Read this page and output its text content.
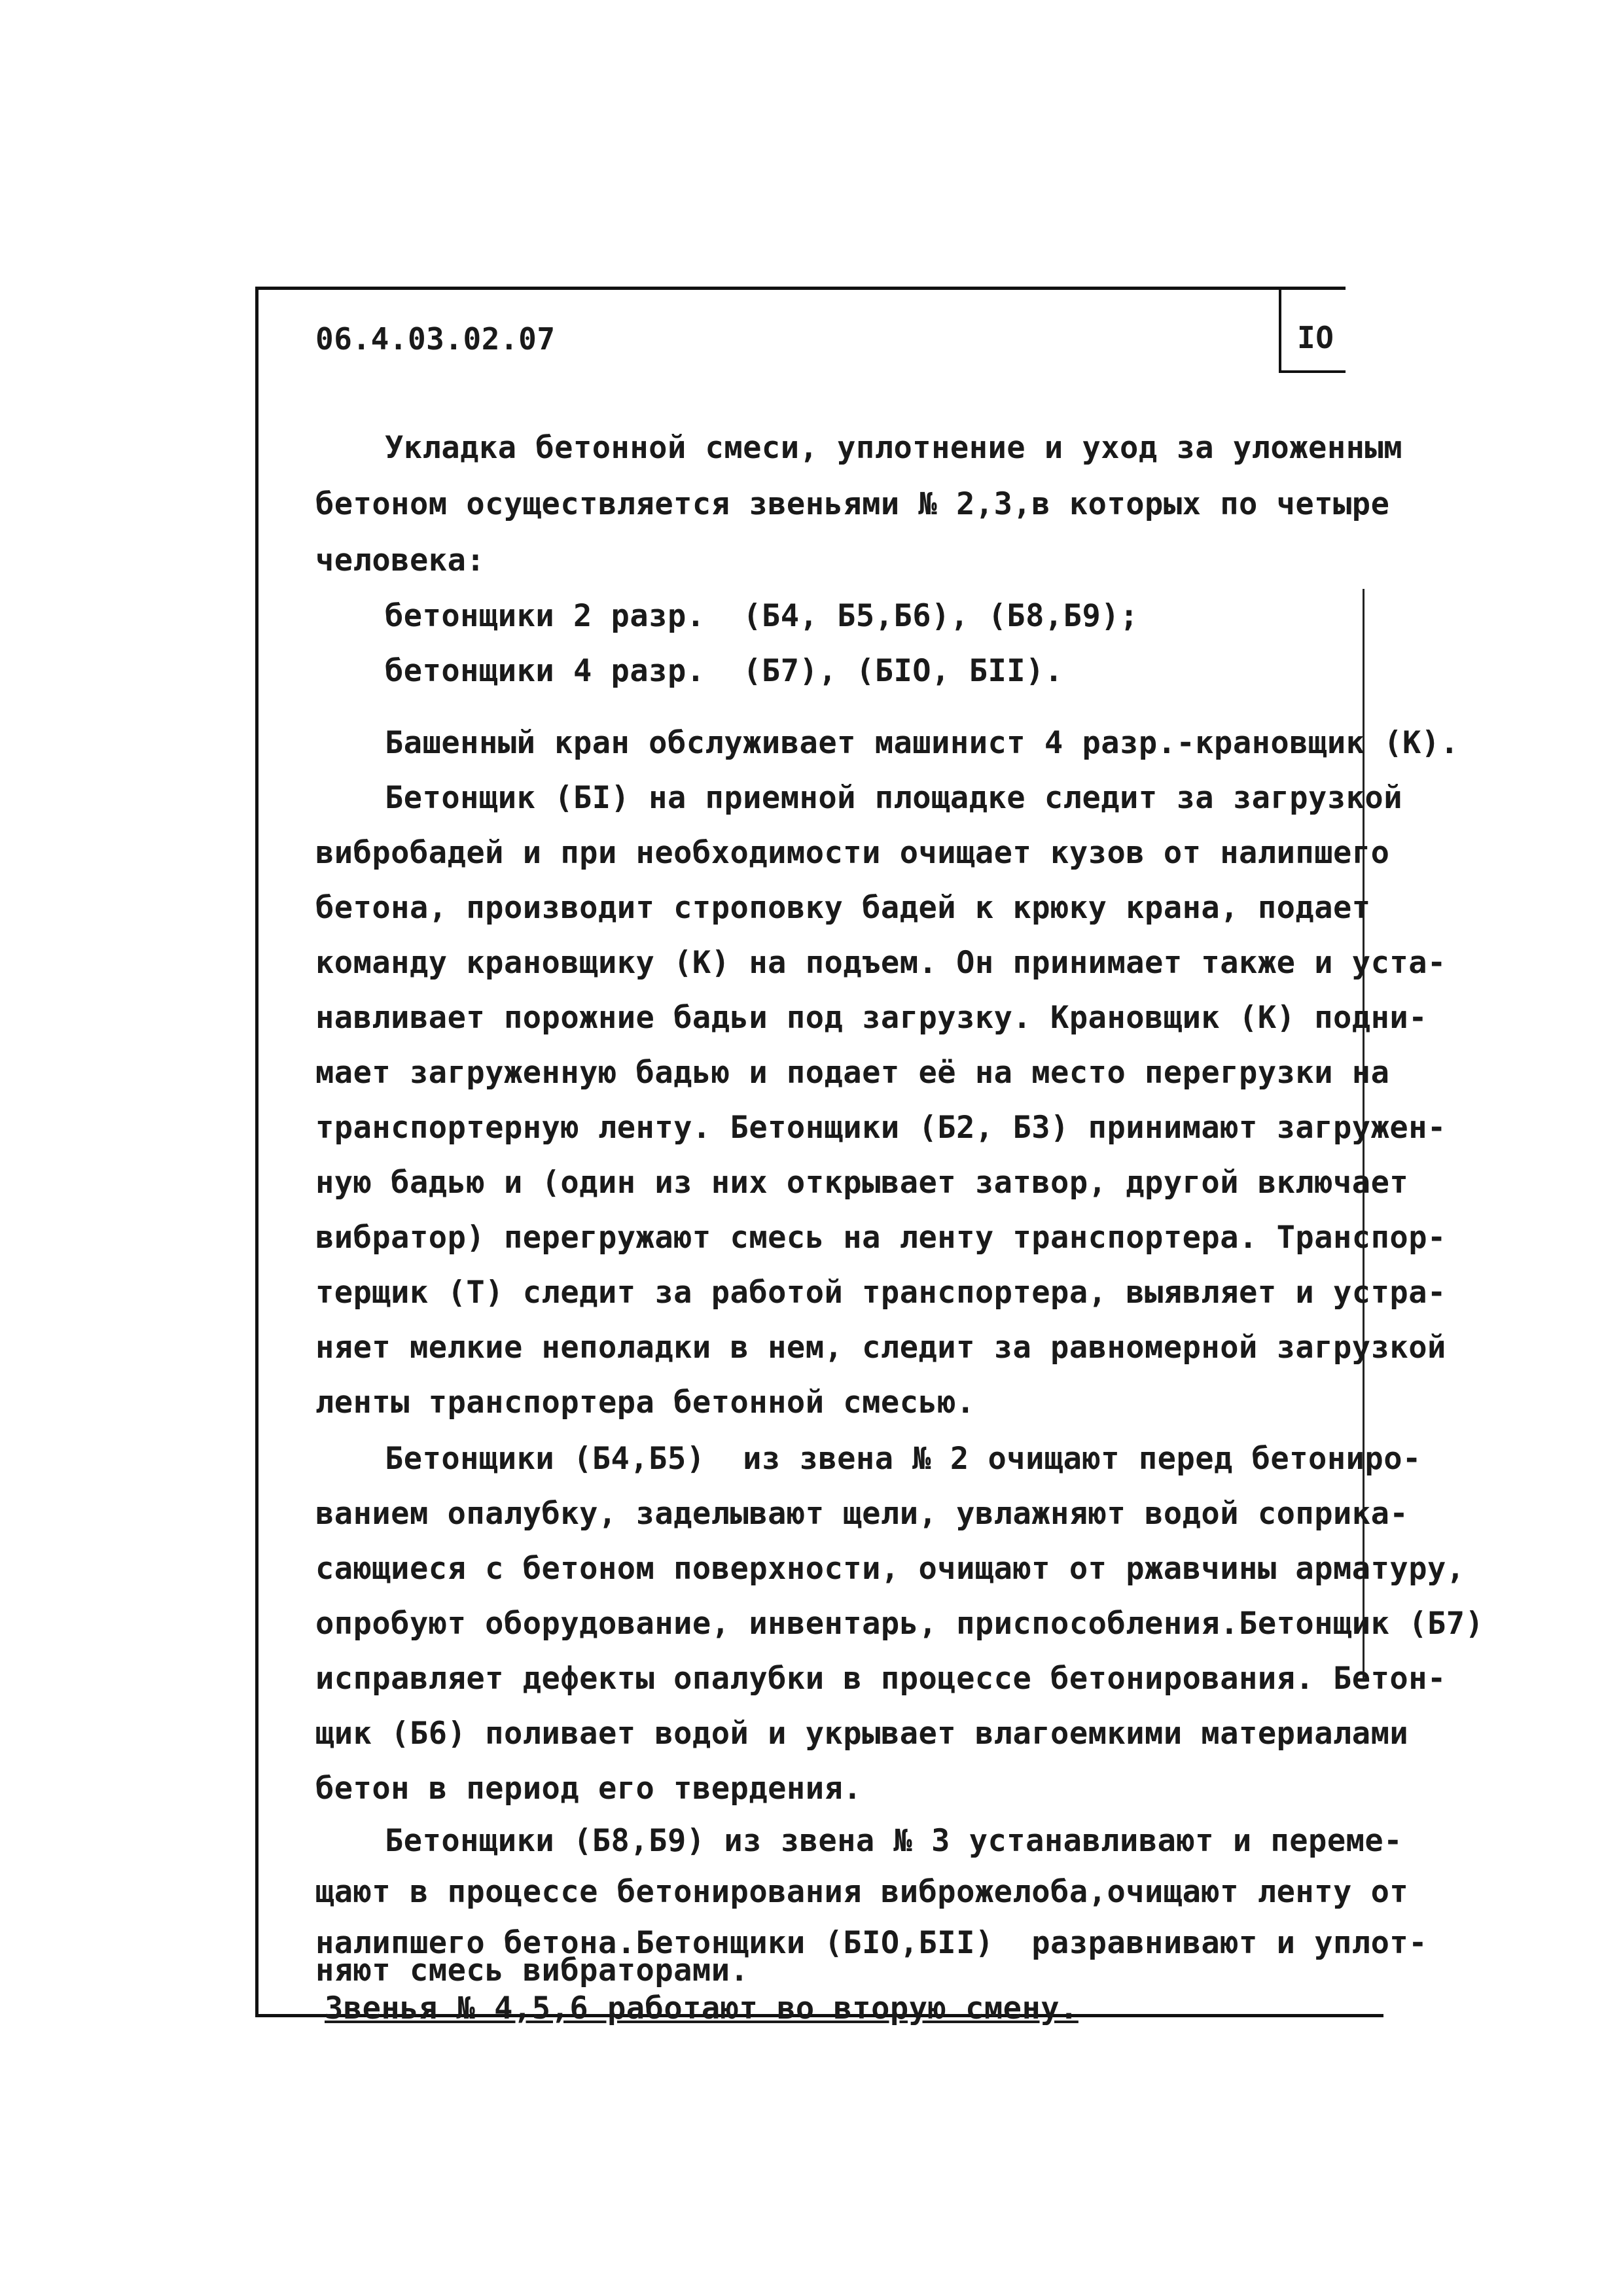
06.4.03.02.07	IO
Укладка бетонной смеси, уплотнение и уход за уложенным
бетоном осуществляется звеньями № 2,3,в которых по четыре
человека:
бетонщики 2 разр.  (Б4, Б5,Б6), (Б8,Б9);
бетонщики 4 разр.  (Б7), (БIO, БII).
Башенный кран обслуживает машинист 4 разр.-крановщик (К).
Бетонщик (БI) на приемной площадке следит за загрузкой
вибробадей и при необходимости очищает кузов от налипшего
бетона, производит строповку бадей к крюку крана, подает
команду крановщику (К) на подъем. Он принимает также и уста-
навливает порожние бадьи под загрузку. Крановщик (К) подни-
мает загруженную бадью и подает её на место перегрузки на
транспортерную ленту. Бетонщики (Б2, Б3) принимают загружен-
ную бадью и (один из них открывает затвор, другой включает
вибратор) перегружают смесь на ленту транспортера. Транспор-
терщик (Т) следит за работой транспортера, выявляет и устра-
няет мелкие неполадки в нем, следит за равномерной загрузкой
ленты транспортера бетонной смесью.
Бетонщики (Б4,Б5)  из звена № 2 очищают перед бетониро-
ванием опалубку, заделывают щели, увлажняют водой соприка-
сающиеся с бетоном поверхности, очищают от ржавчины арматуру,
опробуют оборудование, инвентарь, приспособления.Бетонщик (Б7)
исправляет дефекты опалубки в процессе бетонирования. Бетон-
щик (Б6) поливает водой и укрывает влагоемкими материалами
бетон в период его твердения.
Бетонщики (Б8,Б9) из звена № 3 устанавливают и переме-
щают в процессе бетонирования виброжелоба,очищают ленту от
налипшего бетона.Бетонщики (БIO,БII)  разравнивают и уплот-
няют смесь вибраторами.
Звенья № 4,5,6 работают во вторую смену.
